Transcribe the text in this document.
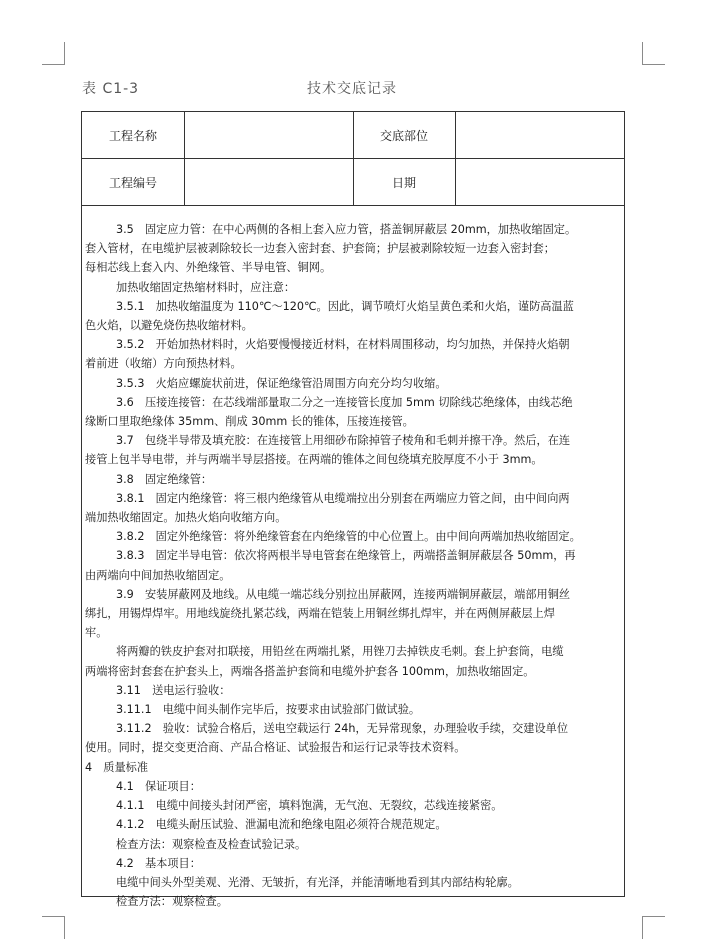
表 C1-3	技术交底记录
工程名称	交底部位
工程编号	日期

3.5　固定应力管：在中心两侧的各相上套入应力管，搭盖铜屏蔽层 20mm，加热收缩固定。

套入管材，在电缆护层被剥除较长一边套入密封套、护套筒；护层被剥除较短一边套入密封套；

每相芯线上套入内、外绝缘管、半导电管、铜网。

加热收缩固定热缩材料时，应注意：

3.5.1　加热收缩温度为 110℃～120℃。因此，调节喷灯火焰呈黄色柔和火焰，谨防高温蓝

色火焰，以避免烧伤热收缩材料。

3.5.2　开始加热材料时，火焰要慢慢接近材料，在材料周围移动，均匀加热，并保持火焰朝

着前进（收缩）方向预热材料。

3.5.3　火焰应螺旋状前进，保证绝缘管沿周围方向充分均匀收缩。

3.6　压接连接管：在芯线端部量取二分之一连接管长度加 5mm 切除线芯绝缘体，由线芯绝

缘断口里取绝缘体 35mm、削成 30mm 长的锥体，压接连接管。

3.7　包绕半导带及填充胶：在连接管上用细砂布除掉管子棱角和毛刺并擦干净。然后，在连

接管上包半导电带，并与两端半导层搭接。在两端的锥体之间包绕填充胶厚度不小于 3mm。

3.8　固定绝缘管：

3.8.1　固定内绝缘管：将三根内绝缘管从电缆端拉出分别套在两端应力管之间，由中间向两

端加热收缩固定。加热火焰向收缩方向。

3.8.2　固定外绝缘管：将外绝缘管套在内绝缘管的中心位置上。由中间向两端加热收缩固定。

3.8.3　固定半导电管：依次将两根半导电管套在绝缘管上，两端搭盖铜屏蔽层各 50mm，再

由两端向中间加热收缩固定。

3.9　安装屏蔽网及地线。从电缆一端芯线分别拉出屏蔽网，连接两端铜屏蔽层，端部用铜丝

绑扎，用锡焊焊牢。用地线旋绕扎紧芯线，两端在铠装上用铜丝绑扎焊牢，并在两侧屏蔽层上焊

牢。

将两瓣的铁皮护套对扣联接，用铅丝在两端扎紧，用锉刀去掉铁皮毛刺。套上护套筒，电缆

两端将密封套套在护套头上，两端各搭盖护套筒和电缆外护套各 100mm，加热收缩固定。

3.11　送电运行验收：

3.11.1　电缆中间头制作完毕后，按要求由试验部门做试验。

3.11.2　验收：试验合格后，送电空载运行 24h，无异常现象，办理验收手续，交建设单位

使用。同时，提交变更洽商、产品合格证、试验报告和运行记录等技术资料。

4　质量标准

4.1　保证项目：

4.1.1　电缆中间接头封闭严密，填料饱满，无气泡、无裂纹，芯线连接紧密。

4.1.2　电缆头耐压试验、泄漏电流和绝缘电阻必须符合规范规定。

检查方法：观察检查及检查试验记录。

4.2　基本项目：

电缆中间头外型美观、光滑、无皱折，有光泽，并能清晰地看到其内部结构轮廓。

检查方法：观察检查。
